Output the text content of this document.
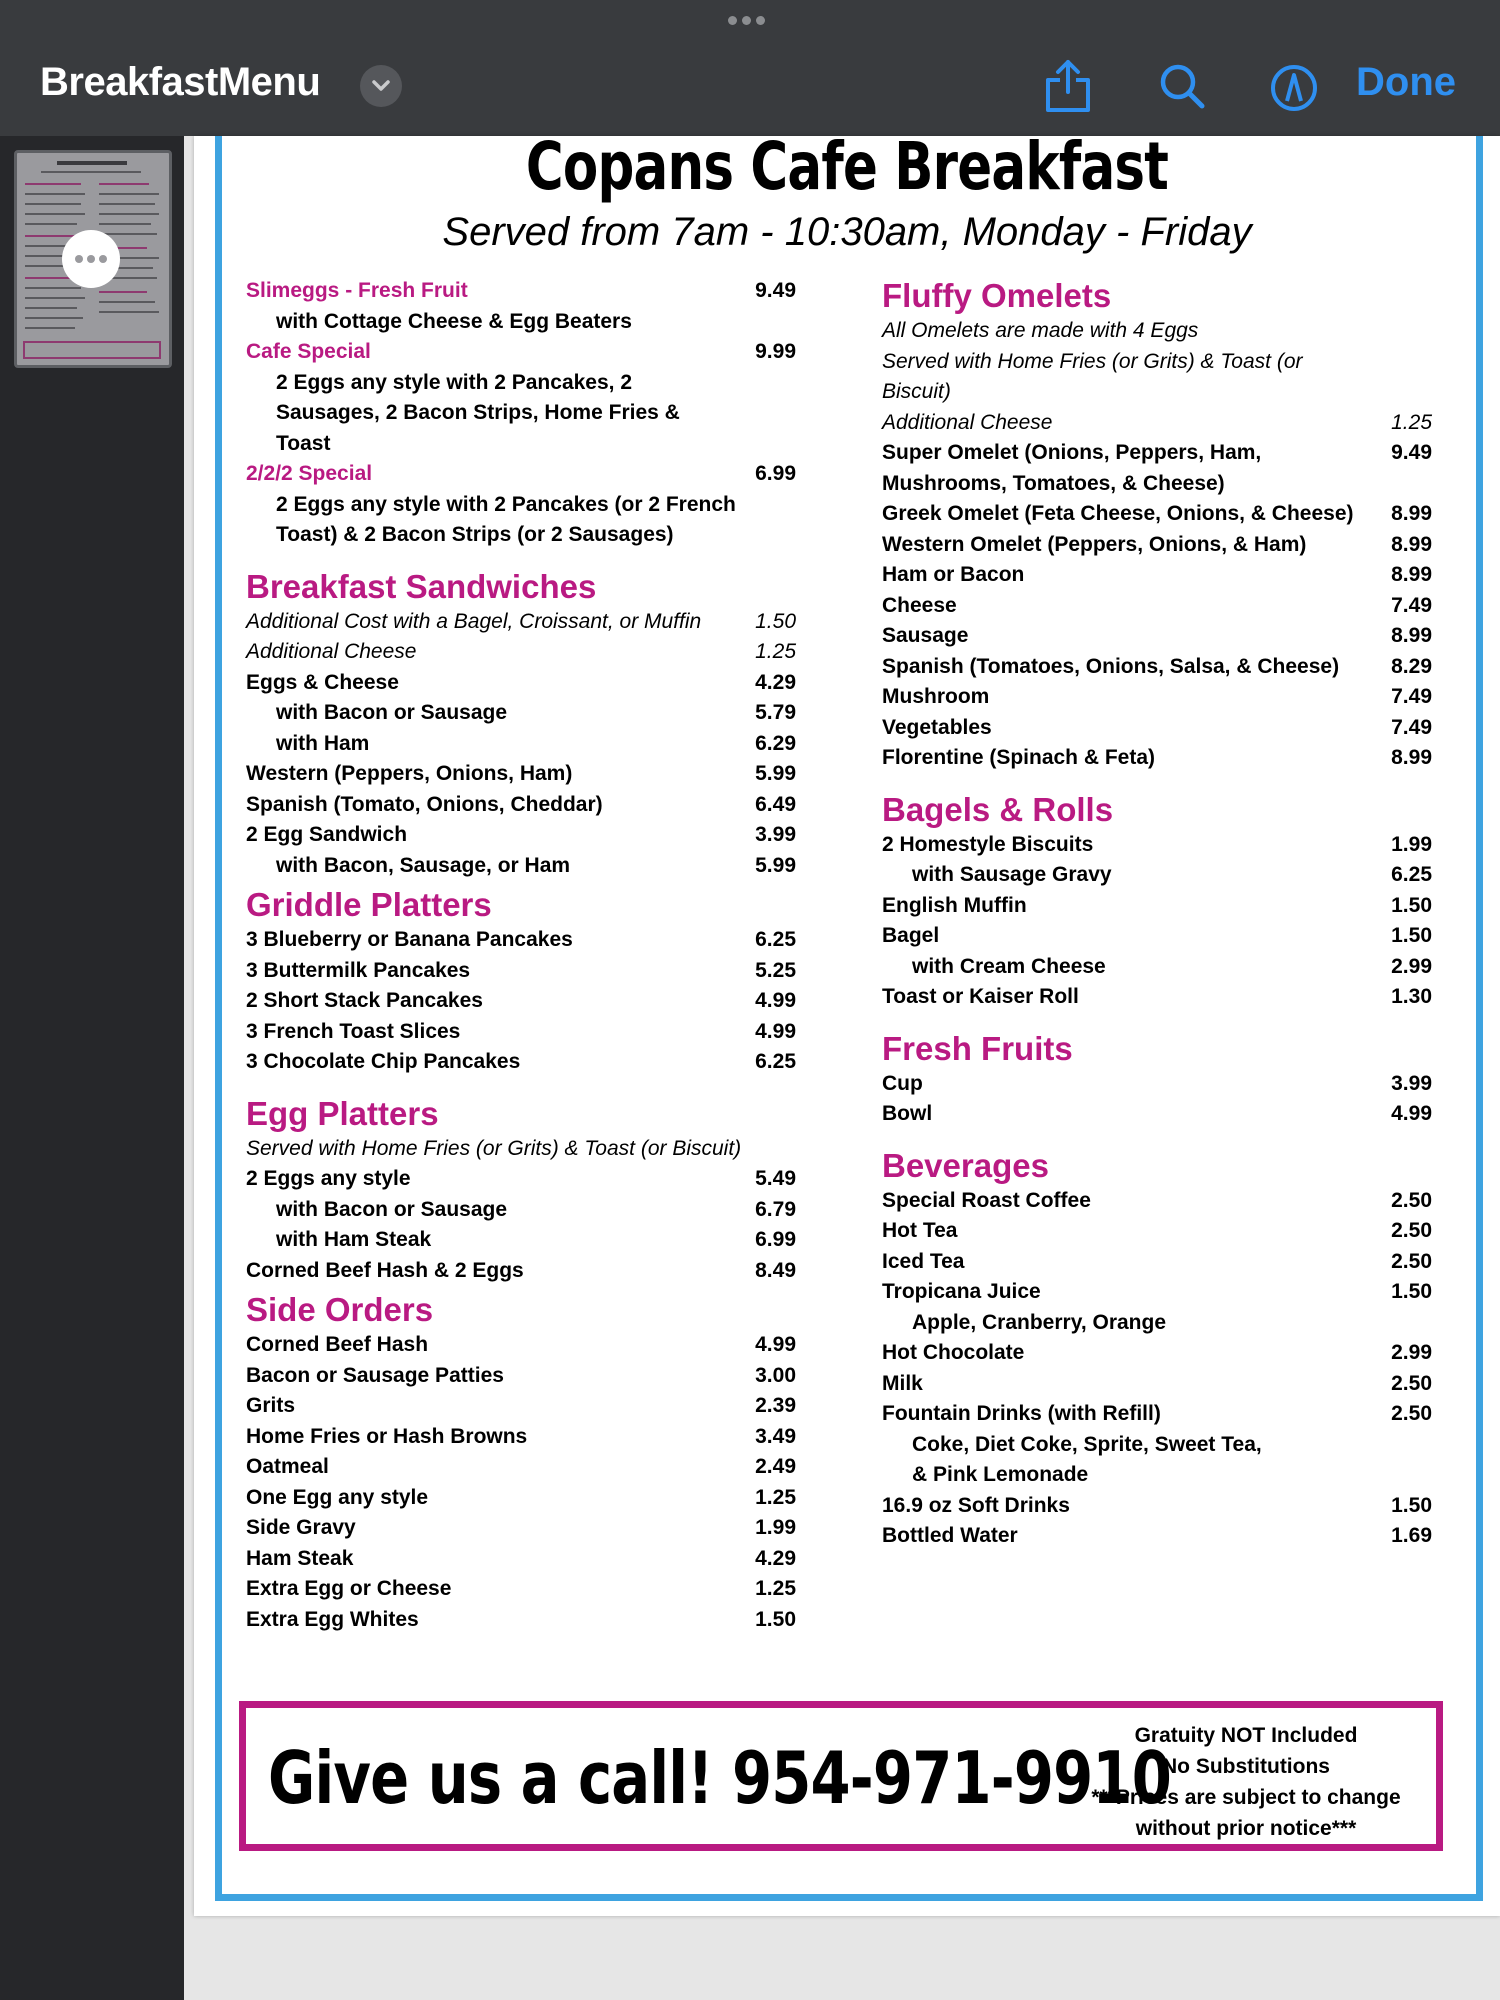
BreakfastMenu	Done
Copans Cafe Breakfast
Served from 7am - 10:30am, Monday - Friday
Slimeggs - Fresh Fruit
with Cottage Cheese & Egg Beaters
9.49
Cafe Special
2 Eggs any style with 2 Pancakes, 2 Sausages, 2 Bacon Strips, Home Fries & Toast
9.99
2/2/2 Special
2 Eggs any style with 2 Pancakes (or 2 French Toast) & 2 Bacon Strips (or 2 Sausages)
6.99
Breakfast Sandwiches
Additional Cost with a Bagel, Croissant, or Muffin	1.50
Additional Cheese	1.25
Eggs & Cheese	4.29
with Bacon or Sausage	5.79
with Ham	6.29
Western (Peppers, Onions, Ham)	5.99
Spanish (Tomato, Onions, Cheddar)	6.49
2 Egg Sandwich	3.99
with Bacon, Sausage, or Ham	5.99
Griddle Platters
3 Blueberry or Banana Pancakes	6.25
3 Buttermilk Pancakes	5.25
2 Short Stack Pancakes	4.99
3 French Toast Slices	4.99
3 Chocolate Chip Pancakes	6.25
Egg Platters
Served with Home Fries (or Grits) & Toast (or Biscuit)
2 Eggs any style	5.49
with Bacon or Sausage	6.79
with Ham Steak	6.99
Corned Beef Hash & 2 Eggs	8.49
Side Orders
Corned Beef Hash	4.99
Bacon or Sausage Patties	3.00
Grits	2.39
Home Fries or Hash Browns	3.49
Oatmeal	2.49
One Egg any style	1.25
Side Gravy	1.99
Ham Steak	4.29
Extra Egg or Cheese	1.25
Extra Egg Whites	1.50
Fluffy Omelets
All Omelets are made with 4 Eggs
Served with Home Fries (or Grits) & Toast (or Biscuit)
Additional Cheese	1.25
Super Omelet (Onions, Peppers, Ham, Mushrooms, Tomatoes, & Cheese)
9.49
Greek Omelet (Feta Cheese, Onions, & Cheese)	8.99
Western Omelet (Peppers, Onions, & Ham)	8.99
Ham or Bacon	8.99
Cheese	7.49
Sausage	8.99
Spanish (Tomatoes, Onions, Salsa, & Cheese)	8.29
Mushroom	7.49
Vegetables	7.49
Florentine (Spinach & Feta)	8.99
Bagels & Rolls
2 Homestyle Biscuits	1.99
with Sausage Gravy	6.25
English Muffin	1.50
Bagel	1.50
with Cream Cheese	2.99
Toast or Kaiser Roll	1.30
Fresh Fruits
Cup	3.99
Bowl	4.99
Beverages
Special Roast Coffee	2.50
Hot Tea	2.50
Iced Tea	2.50
Tropicana Juice	1.50
Apple, Cranberry, Orange
Hot Chocolate	2.99
Milk	2.50
Fountain Drinks (with Refill)	2.50
Coke, Diet Coke, Sprite, Sweet Tea,
& Pink Lemonade
16.9 oz Soft Drinks	1.50
Bottled Water	1.69
Give us a call! 954-971-9910
Gratuity NOT Included
No Substitutions
***Prices are subject to change
without prior notice***
